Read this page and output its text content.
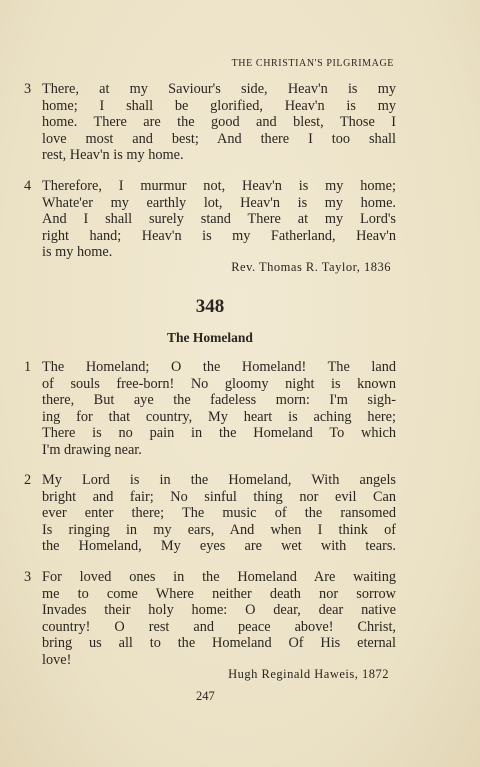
THE CHRISTIAN'S PILGRIMAGE
3 There, at my Saviour's side, Heav'n is my
home; I shall be glorified, Heav'n is my
home. There are the good and blest, Those I
love most and best; And there I too shall
rest, Heav'n is my home.
4 Therefore, I murmur not, Heav'n is my home;
Whate'er my earthly lot, Heav'n is my home.
And I shall surely stand There at my Lord's
right hand; Heav'n is my Fatherland, Heav'n
is my home.
Rev. Thomas R. Taylor, 1836
348
The Homeland
1 The Homeland; O the Homeland! The land
of souls free-born! No gloomy night is known
there, But aye the fadeless morn: I'm sigh-
ing for that country, My heart is aching here;
There is no pain in the Homeland To which
I'm drawing near.
2 My Lord is in the Homeland, With angels
bright and fair; No sinful thing nor evil Can
ever enter there; The music of the ransomed
Is ringing in my ears, And when I think of
the Homeland, My eyes are wet with tears.
3 For loved ones in the Homeland Are waiting
me to come Where neither death nor sorrow
Invades their holy home: O dear, dear native
country! O rest and peace above! Christ,
bring us all to the Homeland Of His eternal
love!
Hugh Reginald Haweis, 1872
247
